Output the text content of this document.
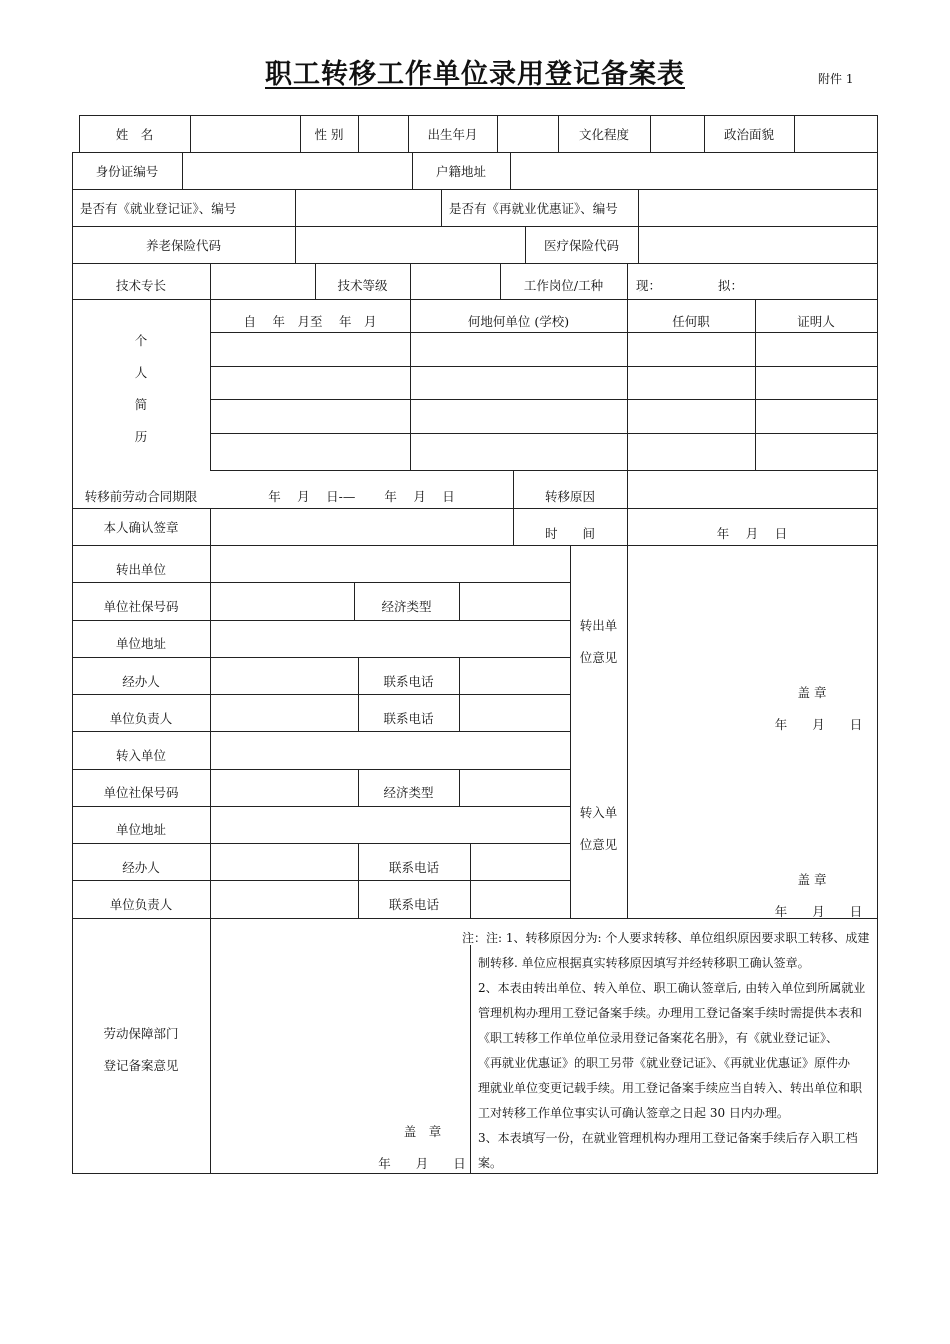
职工转移工作单位录用登记备案表	附件 1
姓　名	性 别	出生年月	文化程度	政治面貌
身份证编号	户籍地址
是否有《就业登记证》、编号	是否有《再就业优惠证》、编号
养老保险代码	医疗保险代码
技术专长	技术等级	工作岗位/工种	现：	拟：
个
人
简
历
自　 年　月至　 年　月	何地何单位 (学校)	任何职	证明人
转移前劳动合同期限	年　 月　 日-—　　 年　 月　 日	转移原因
本人确认签章	时　　间	年　 月　 日
转出单位
单位社保号码	经济类型
单位地址
经办人	联系电话
单位负责人	联系电话
转出单
位意见
盖 章
年　　月　　日
转入单位
单位社保号码	经济类型
单位地址
经办人	联系电话
单位负责人	联系电话
转入单
位意见
盖 章
年　　月　　日
劳动保障部门
登记备案意见
盖　章
年　　月　　日

注：注: 1、转移原因分为: 个人要求转移、单位组织原因要求职工转移、成建

制转移. 单位应根据真实转移原因填写并经转移职工确认签章。

2、本表由转出单位、转入单位、职工确认签章后, 由转入单位到所属就业

管理机构办理用工登记备案手续。办理用工登记备案手续时需提供本表和

《职工转移工作单位单位录用登记备案花名册》，有《就业登记证》、

《再就业优惠证》的职工另带《就业登记证》、《再就业优惠证》原件办

理就业单位变更记载手续。用工登记备案手续应当自转入、转出单位和职

工对转移工作单位事实认可确认签章之日起 30 日内办理。

3、本表填写一份，在就业管理机构办理用工登记备案手续后存入职工档

案。
